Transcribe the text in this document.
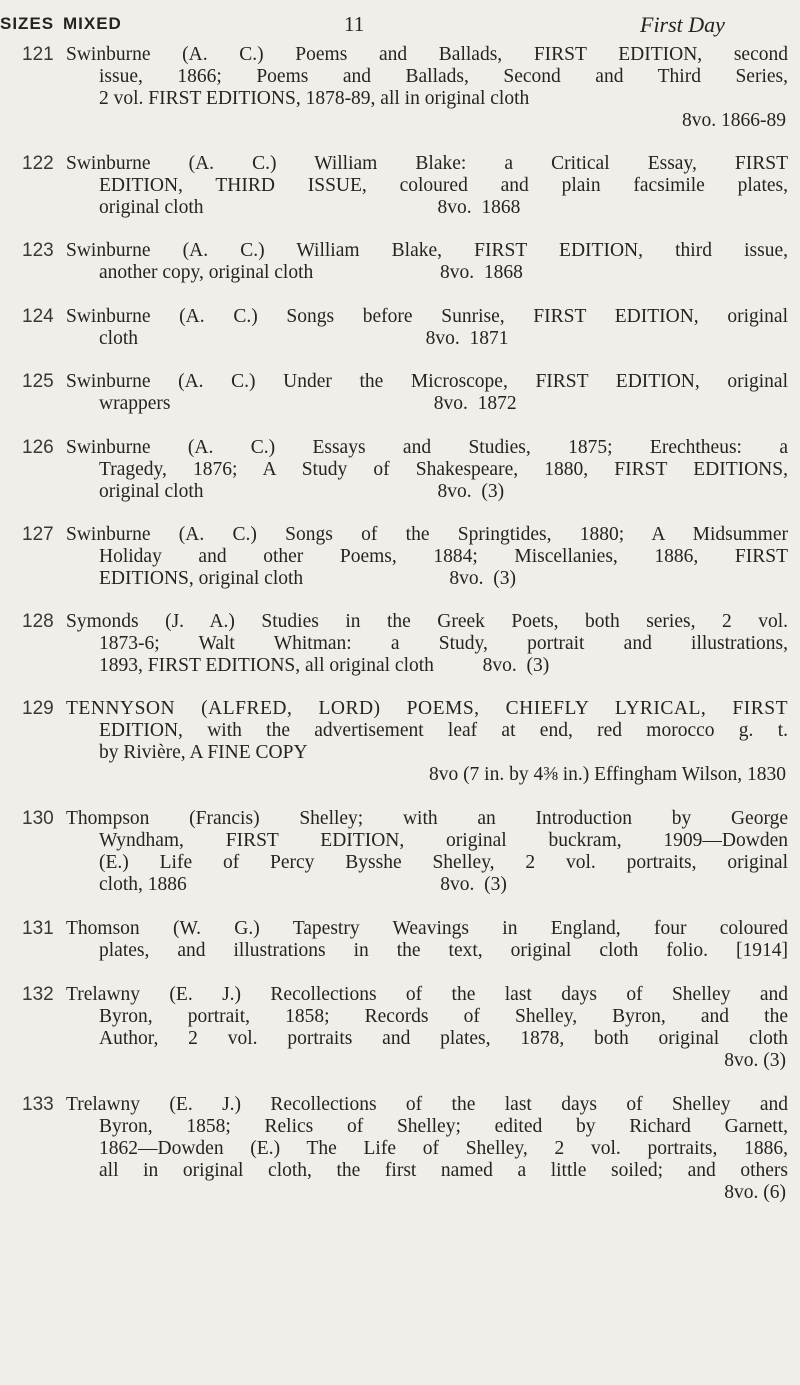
SIZES MIXED	11	First Day
121 Swinburne (A. C.) Poems and Ballads, FIRST EDITION, second
issue, 1866; Poems and Ballads, Second and Third Series,
2 vol. FIRST EDITIONS, 1878-89, all in original cloth
8vo. 1866-89
122 Swinburne (A. C.) William Blake: a Critical Essay, FIRST
EDITION, THIRD ISSUE, coloured and plain facsimile plates,
original cloth                                                8vo.  1868
123 Swinburne (A. C.) William Blake, FIRST EDITION, third issue,
another copy, original cloth                          8vo.  1868
124 Swinburne (A. C.) Songs before Sunrise, FIRST EDITION, original
cloth                                                           8vo.  1871
125 Swinburne (A. C.) Under the Microscope, FIRST EDITION, original
wrappers                                                      8vo.  1872
126 Swinburne (A. C.) Essays and Studies, 1875; Erechtheus: a
Tragedy, 1876; A Study of Shakespeare, 1880, FIRST EDITIONS,
original cloth                                                8vo.  (3)
127 Swinburne (A. C.) Songs of the Springtides, 1880; A Midsummer
Holiday and other Poems, 1884; Miscellanies, 1886, FIRST
EDITIONS, original cloth                              8vo.  (3)
128 Symonds (J. A.) Studies in the Greek Poets, both series, 2 vol.
1873-6; Walt Whitman: a Study, portrait and illustrations,
1893, FIRST EDITIONS, all original cloth          8vo.  (3)
129 TENNYSON (ALFRED, LORD) POEMS, CHIEFLY LYRICAL, FIRST
EDITION, with the advertisement leaf at end, red morocco g. t.
by Rivière, A FINE COPY
8vo (7 in. by 4⅜ in.) Effingham Wilson, 1830
130 Thompson (Francis) Shelley; with an Introduction by George
Wyndham, FIRST EDITION, original buckram, 1909—Dowden
(E.) Life of Percy Bysshe Shelley, 2 vol. portraits, original
cloth, 1886                                                    8vo.  (3)
131 Thomson (W. G.) Tapestry Weavings in England, four coloured
plates, and illustrations in the text, original cloth folio. [1914]
132 Trelawny (E. J.) Recollections of the last days of Shelley and
Byron, portrait, 1858; Records of Shelley, Byron, and the
Author, 2 vol. portraits and plates, 1878, both original cloth
8vo. (3)
133 Trelawny (E. J.) Recollections of the last days of Shelley and
Byron, 1858; Relics of Shelley; edited by Richard Garnett,
1862—Dowden (E.) The Life of Shelley, 2 vol. portraits, 1886,
all in original cloth, the first named a little soiled; and others
8vo. (6)
